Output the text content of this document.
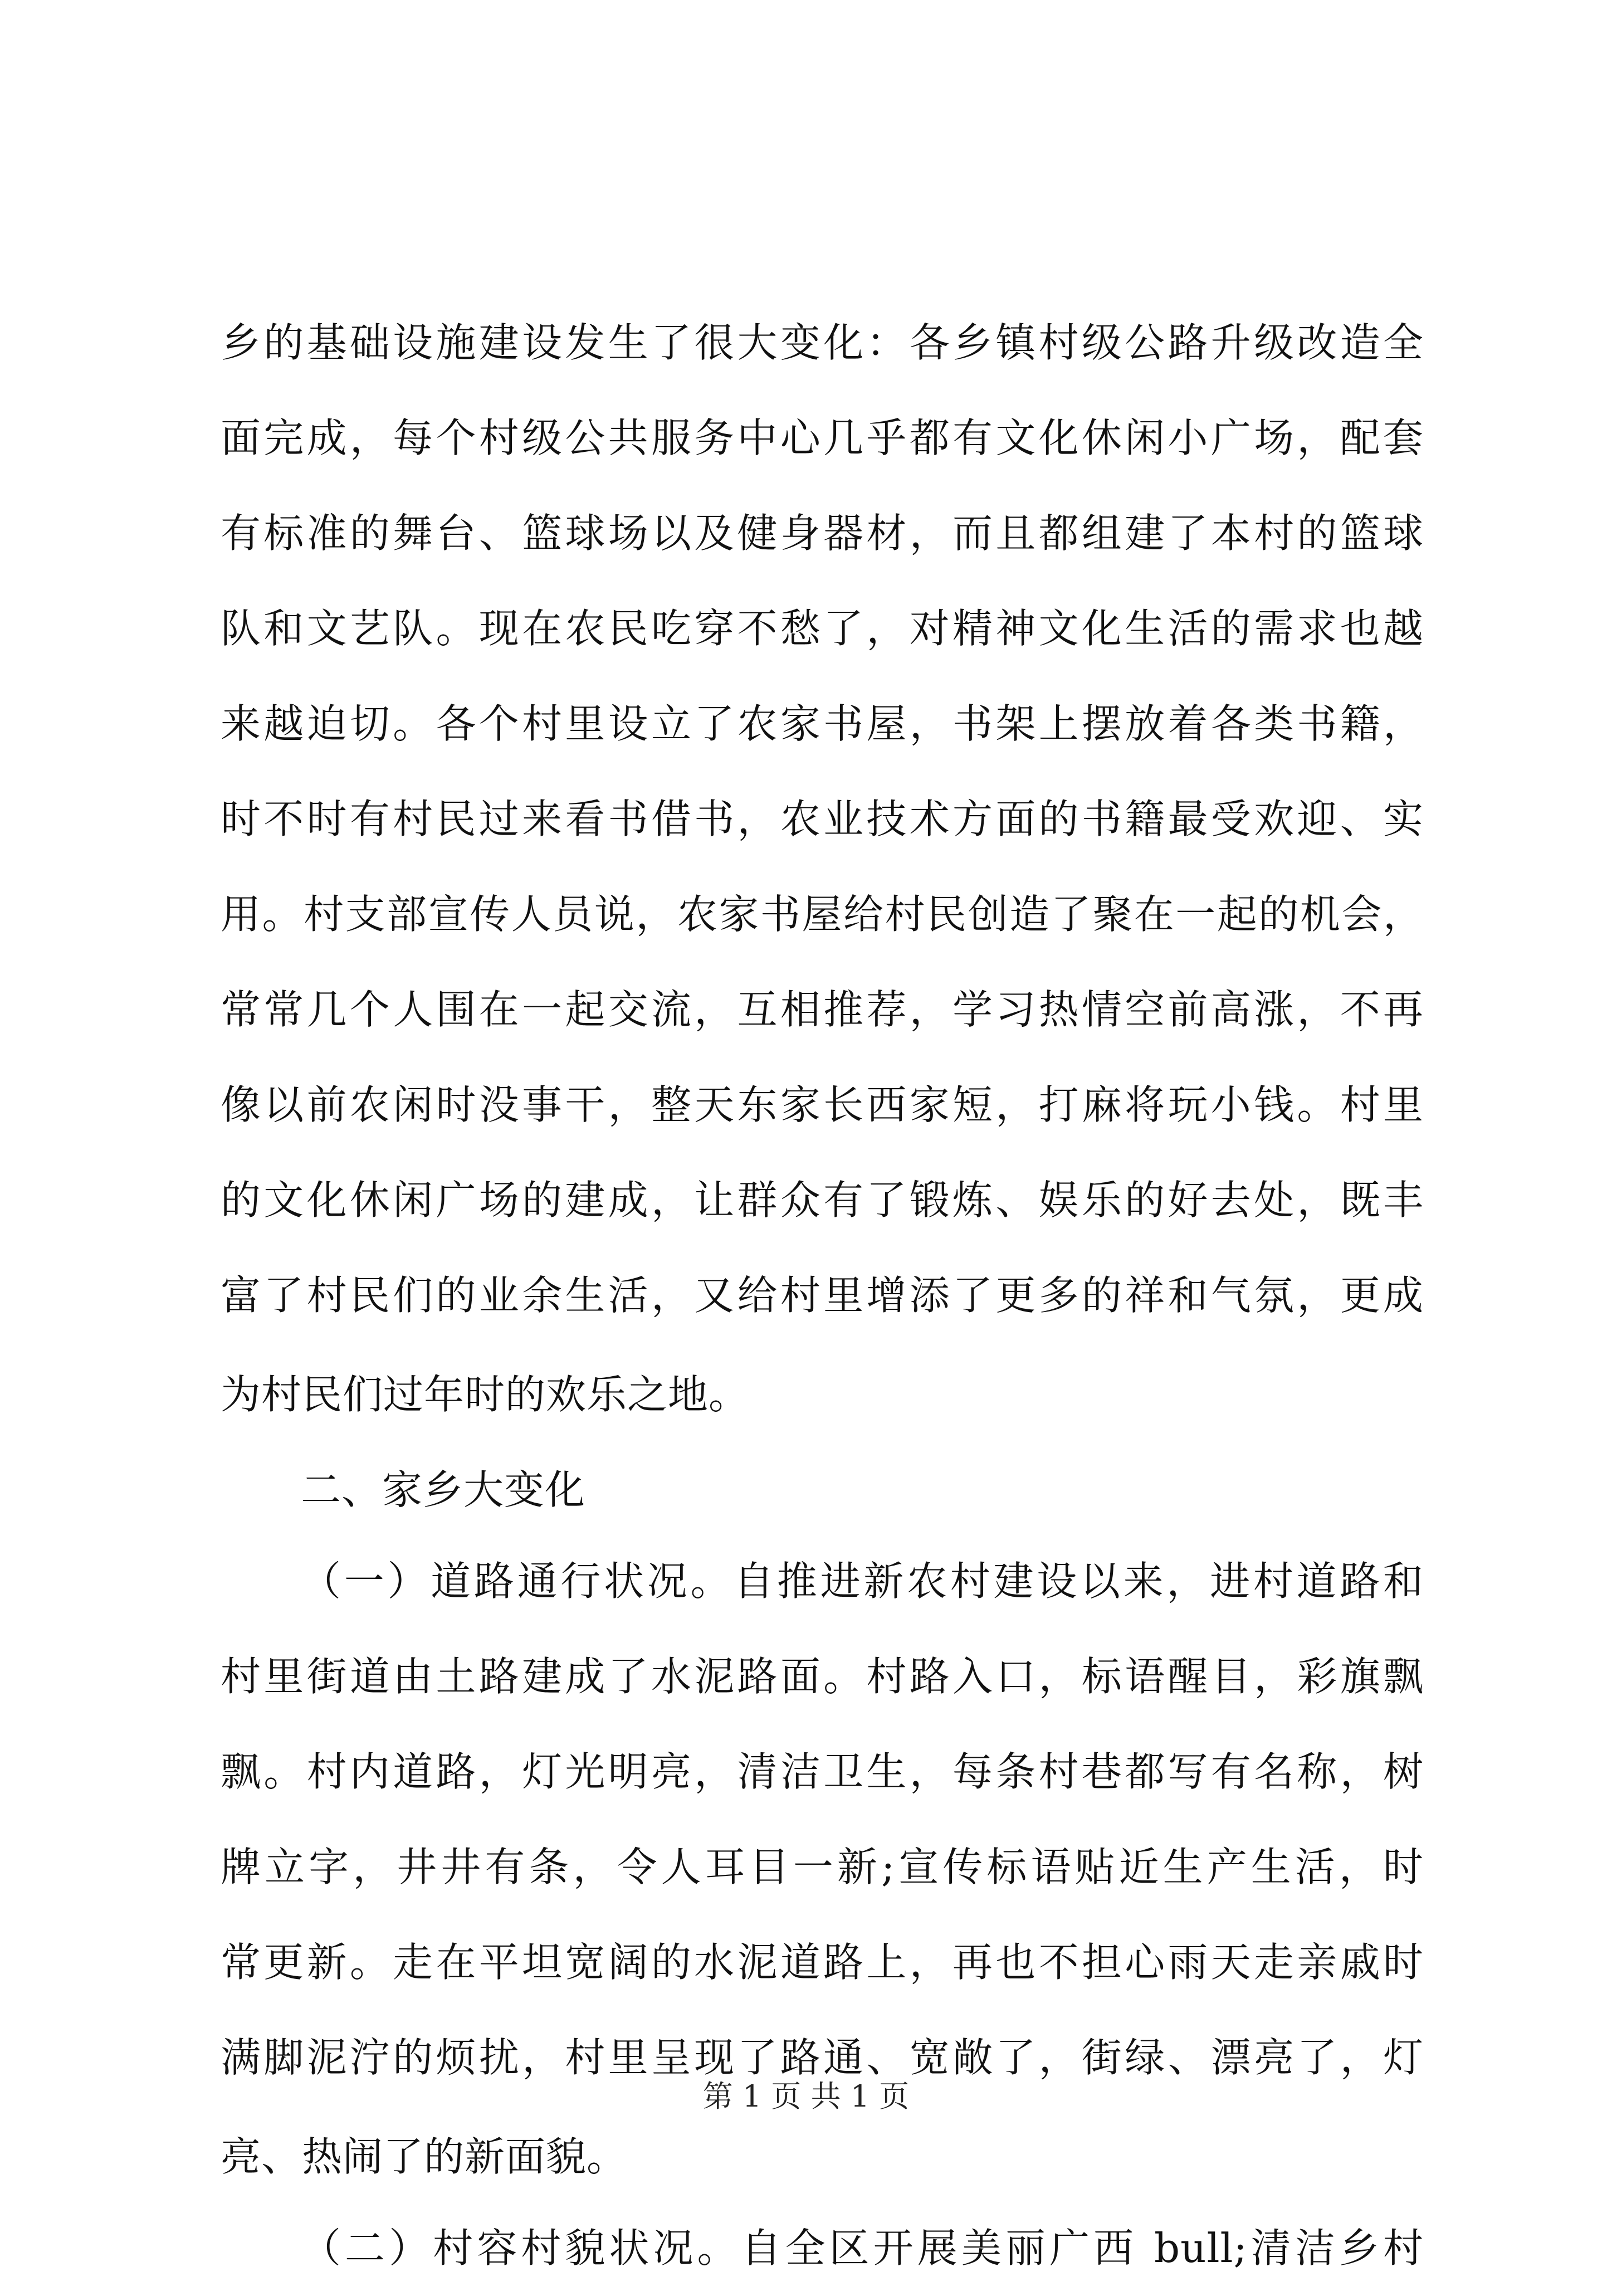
乡的基础设施建设发生了很大变化：各乡镇村级公路升级改造全
面完成，每个村级公共服务中心几乎都有文化休闲小广场，配套
有标准的舞台、篮球场以及健身器材，而且都组建了本村的篮球
队和文艺队。现在农民吃穿不愁了，对精神文化生活的需求也越
来越迫切。各个村里设立了农家书屋，书架上摆放着各类书籍，
时不时有村民过来看书借书，农业技术方面的书籍最受欢迎、实
用。村支部宣传人员说，农家书屋给村民创造了聚在一起的机会，
常常几个人围在一起交流，互相推荐，学习热情空前高涨，不再
像以前农闲时没事干，整天东家长西家短，打麻将玩小钱。村里
的文化休闲广场的建成，让群众有了锻炼、娱乐的好去处，既丰
富了村民们的业余生活，又给村里增添了更多的祥和气氛，更成
为村民们过年时的欢乐之地。
二、家乡大变化
（一）道路通行状况。自推进新农村建设以来，进村道路和
村里街道由土路建成了水泥路面。村路入口，标语醒目，彩旗飘
飘。村内道路，灯光明亮，清洁卫生，每条村巷都写有名称，树
牌立字，井井有条，令人耳目一新;宣传标语贴近生产生活，时
常更新。走在平坦宽阔的水泥道路上，再也不担心雨天走亲戚时
满脚泥泞的烦扰，村里呈现了路通、宽敞了，街绿、漂亮了，灯
亮、热闹了的新面貌。
（二）村容村貌状况。自全区开展美丽广西 bull;清洁乡村
第 1 页 共 1 页
